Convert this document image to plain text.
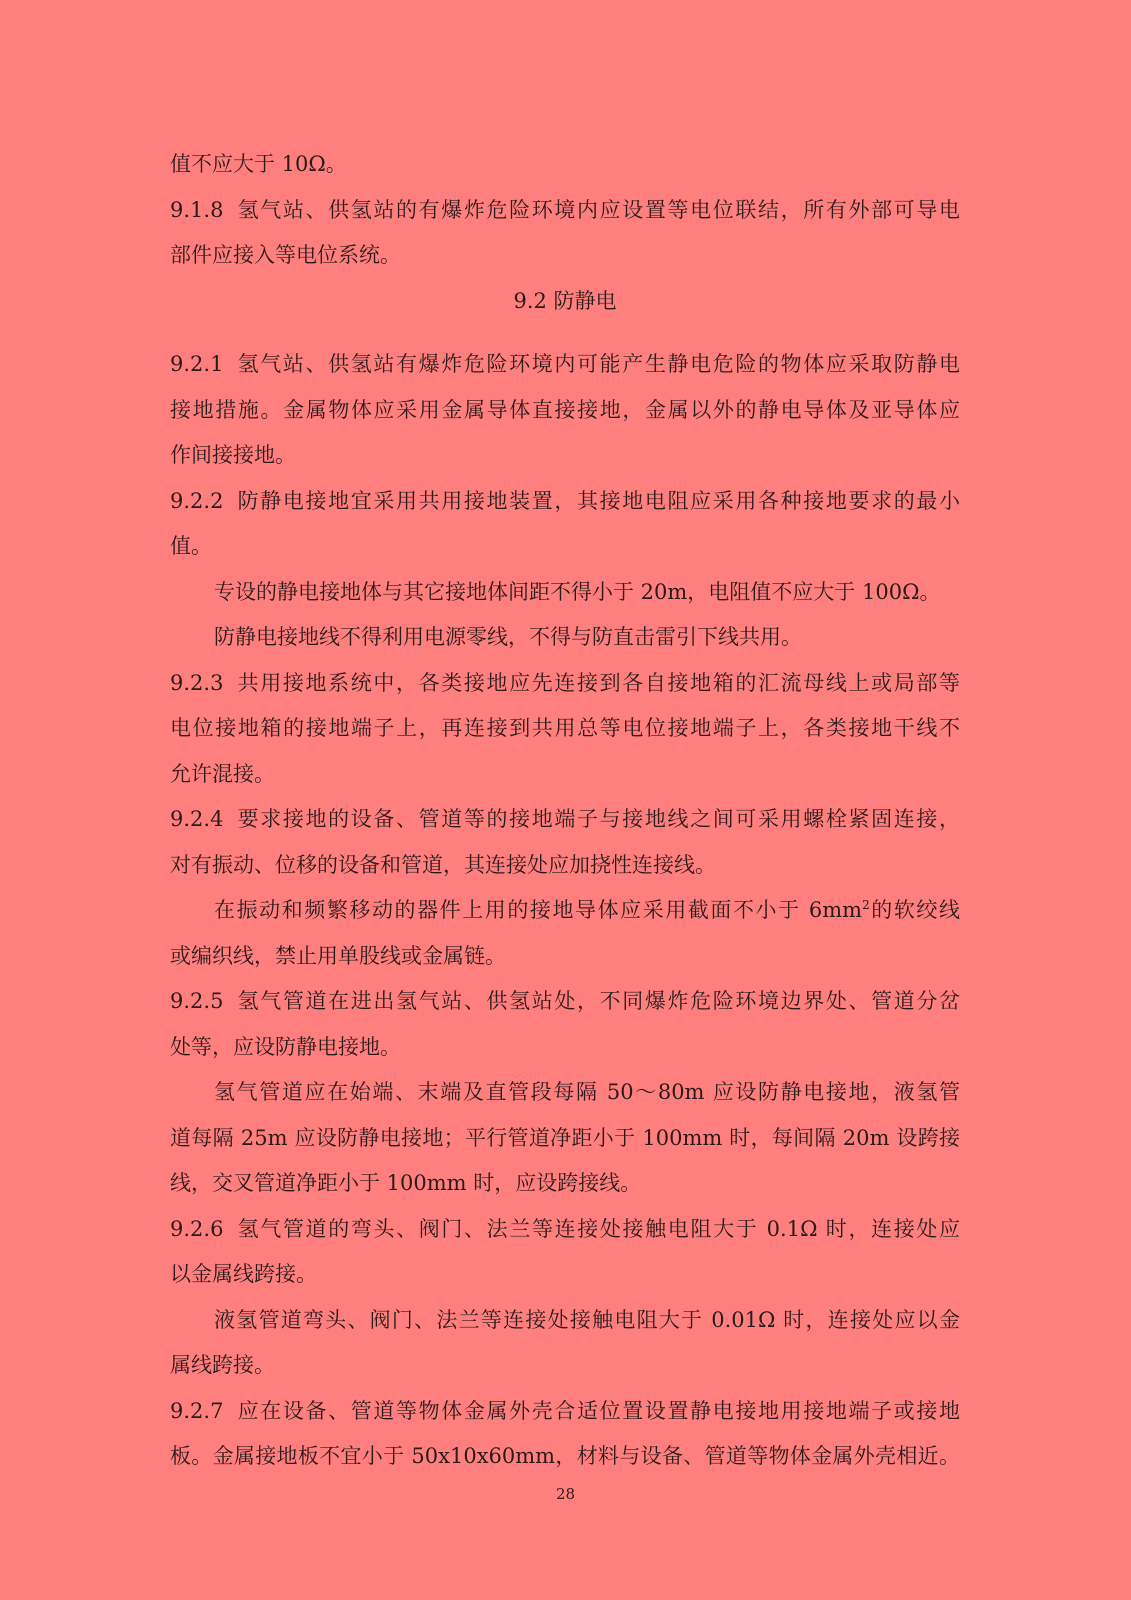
值不应大于 10Ω。
9.1.8 氢气站、供氢站的有爆炸危险环境内应设置等电位联结，所有外部可导电
部件应接入等电位系统。
9.2 防静电
9.2.1 氢气站、供氢站有爆炸危险环境内可能产生静电危险的物体应采取防静电
接地措施。金属物体应采用金属导体直接接地，金属以外的静电导体及亚导体应
作间接接地。
9.2.2 防静电接地宜采用共用接地装置，其接地电阻应采用各种接地要求的最小
值。
专设的静电接地体与其它接地体间距不得小于 20m，电阻值不应大于 100Ω。
防静电接地线不得利用电源零线，不得与防直击雷引下线共用。
9.2.3 共用接地系统中，各类接地应先连接到各自接地箱的汇流母线上或局部等
电位接地箱的接地端子上，再连接到共用总等电位接地端子上，各类接地干线不
允许混接。
9.2.4 要求接地的设备、管道等的接地端子与接地线之间可采用螺栓紧固连接，
对有振动、位移的设备和管道，其连接处应加挠性连接线。
在振动和频繁移动的器件上用的接地导体应采用截面不小于 $6mm^2$的软绞线
或编织线，禁止用单股线或金属链。
9.2.5 氢气管道在进出氢气站、供氢站处，不同爆炸危险环境边界处、管道分岔
处等，应设防静电接地。
氢气管道应在始端、末端及直管段每隔 50～80m 应设防静电接地，液氢管
道每隔 25m 应设防静电接地；平行管道净距小于 100mm 时，每间隔 20m 设跨接
线，交叉管道净距小于 100mm 时，应设跨接线。
9.2.6 氢气管道的弯头、阀门、法兰等连接处接触电阻大于 0.1Ω 时，连接处应
以金属线跨接。
液氢管道弯头、阀门、法兰等连接处接触电阻大于 0.01Ω 时，连接处应以金
属线跨接。
9.2.7 应在设备、管道等物体金属外壳合适位置设置静电接地用接地端子或接地
板。金属接地板不宜小于 50x10x60mm，材料与设备、管道等物体金属外壳相近。
28
